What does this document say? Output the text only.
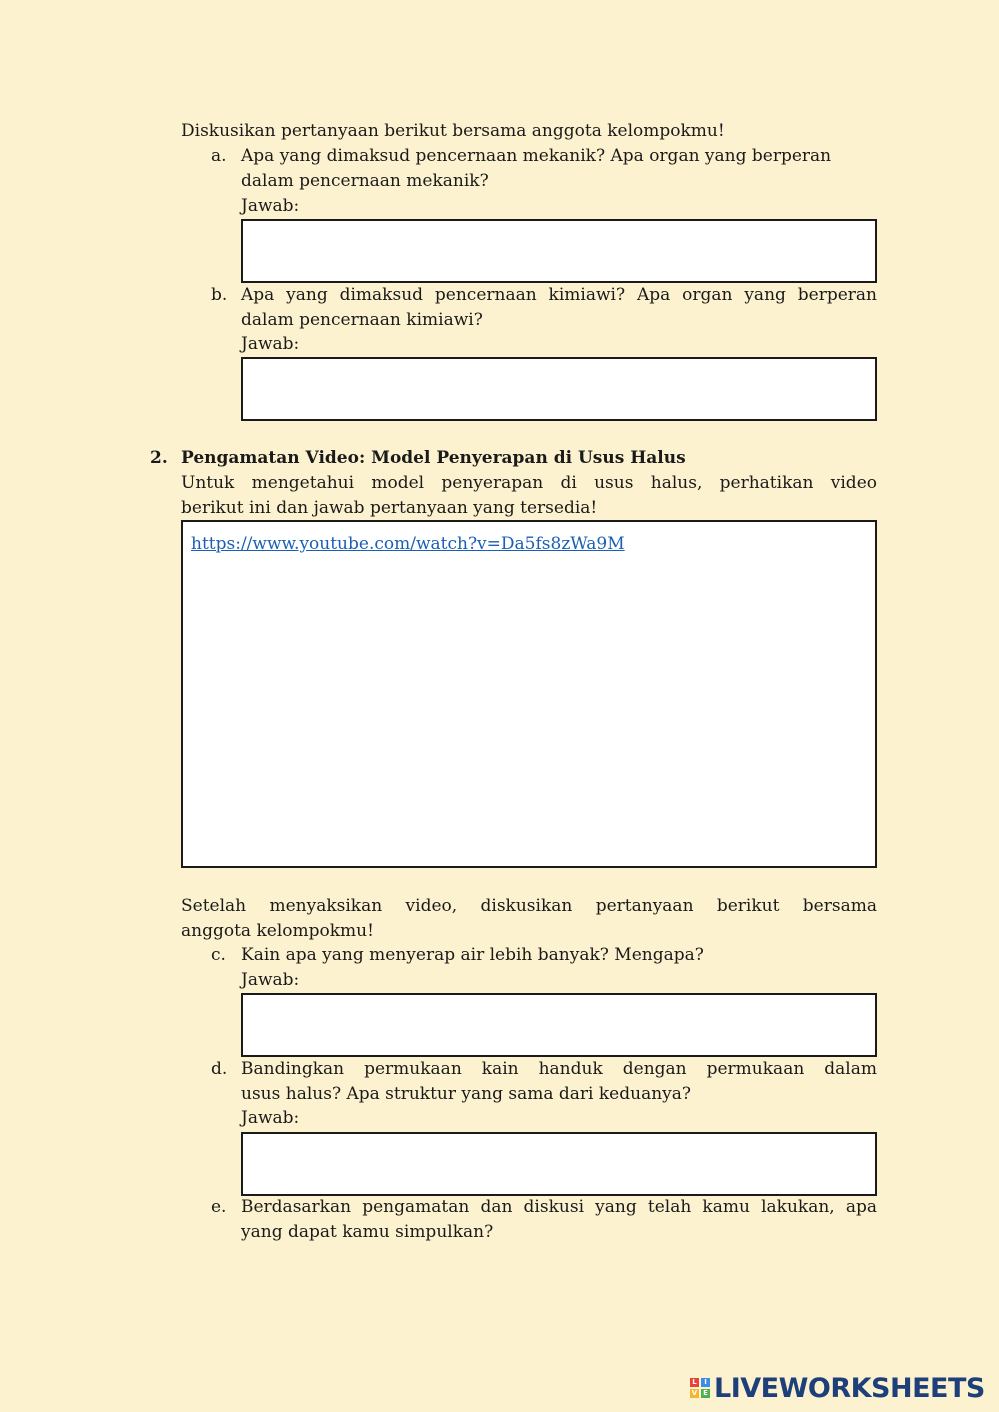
Diskusikan pertanyaan berikut bersama anggota kelompokmu!
a. Apa yang dimaksud pencernaan mekanik? Apa organ yang berperan
dalam pencernaan mekanik?
Jawab:
b. Apa yang dimaksud pencernaan kimiawi? Apa organ yang berperan
dalam pencernaan kimiawi?
Jawab:
2. Pengamatan Video: Model Penyerapan di Usus Halus
Untuk mengetahui model penyerapan di usus halus, perhatikan video
berikut ini dan jawab pertanyaan yang tersedia!
https://www.youtube.com/watch?v=Da5fs8zWa9M
Setelah menyaksikan video, diskusikan pertanyaan berikut bersama
anggota kelompokmu!
c. Kain apa yang menyerap air lebih banyak? Mengapa?
Jawab:
d. Bandingkan permukaan kain handuk dengan permukaan dalam
usus halus? Apa struktur yang sama dari keduanya?
Jawab:
e. Berdasarkan pengamatan dan diskusi yang telah kamu lakukan, apa
yang dapat kamu simpulkan?
L	I
V E LIVEWORKSHEETS
